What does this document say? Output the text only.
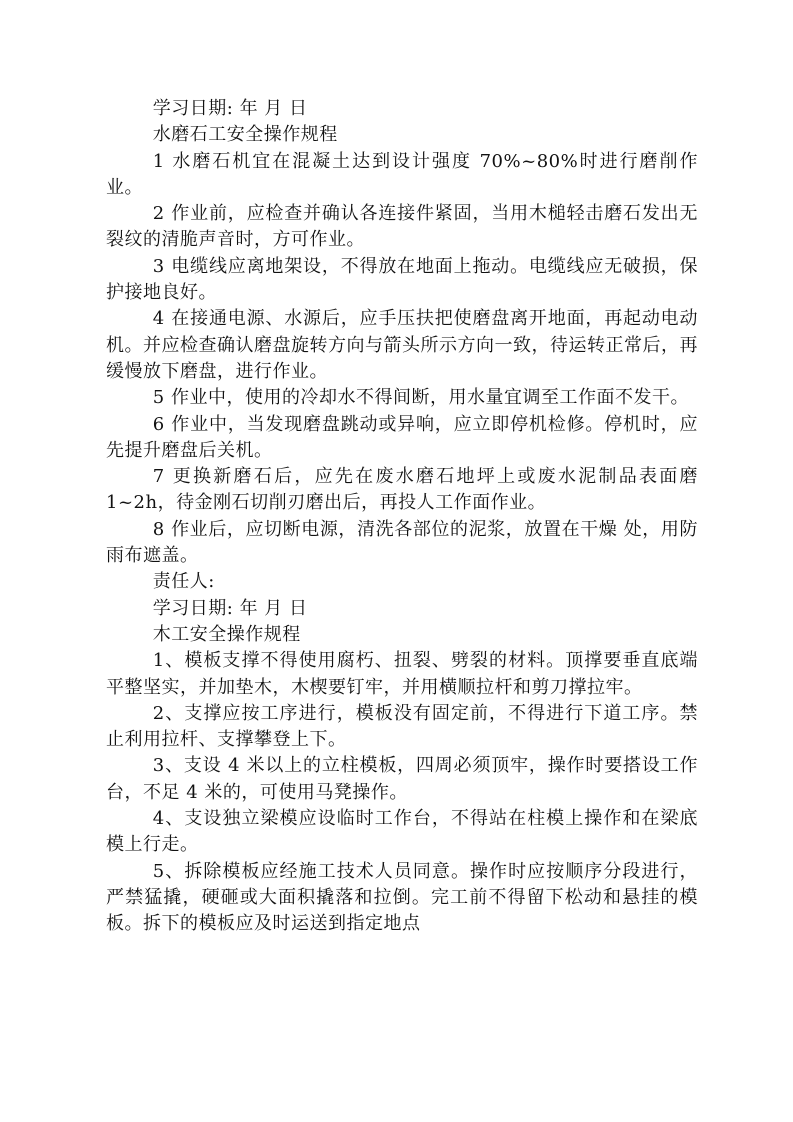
学习日期: 年 月 日

水磨石工安全操作规程

1 水磨石机宜在混凝土达到设计强度 70%~80%时进行磨削作业。

2 作业前，应检查并确认各连接件紧固，当用木槌轻击磨石发出无裂纹的清脆声音时，方可作业。

3 电缆线应离地架设，不得放在地面上拖动。电缆线应无破损，保护接地良好。

4 在接通电源、水源后，应手压扶把使磨盘离开地面，再起动电动机。并应检查确认磨盘旋转方向与箭头所示方向一致，待运转正常后，再缓慢放下磨盘，进行作业。

5 作业中，使用的冷却水不得间断，用水量宜调至工作面不发干。

6 作业中，当发现磨盘跳动或异响，应立即停机检修。停机时，应先提升磨盘后关机。

7 更换新磨石后，应先在废水磨石地坪上或废水泥制品表面磨 1~2h，待金刚石切削刃磨出后，再投人工作面作业。

8 作业后，应切断电源，清洗各部位的泥浆，放置在干燥 处，用防雨布遮盖。

责任人:

学习日期: 年 月 日

木工安全操作规程

1、模板支撑不得使用腐朽、扭裂、劈裂的材料。顶撑要垂直底端平整坚实，并加垫木，木楔要钉牢，并用横顺拉杆和剪刀撑拉牢。

2、支撑应按工序进行，模板没有固定前，不得进行下道工序。禁止利用拉杆、支撑攀登上下。

3、支设 4 米以上的立柱模板，四周必须顶牢，操作时要搭设工作台，不足 4 米的，可使用马凳操作。

4、支设独立梁模应设临时工作台，不得站在柱模上操作和在梁底模上行走。

5、拆除模板应经施工技术人员同意。操作时应按顺序分段进行，严禁猛撬，硬砸或大面积撬落和拉倒。完工前不得留下松动和悬挂的模板。拆下的模板应及时运送到指定地点
